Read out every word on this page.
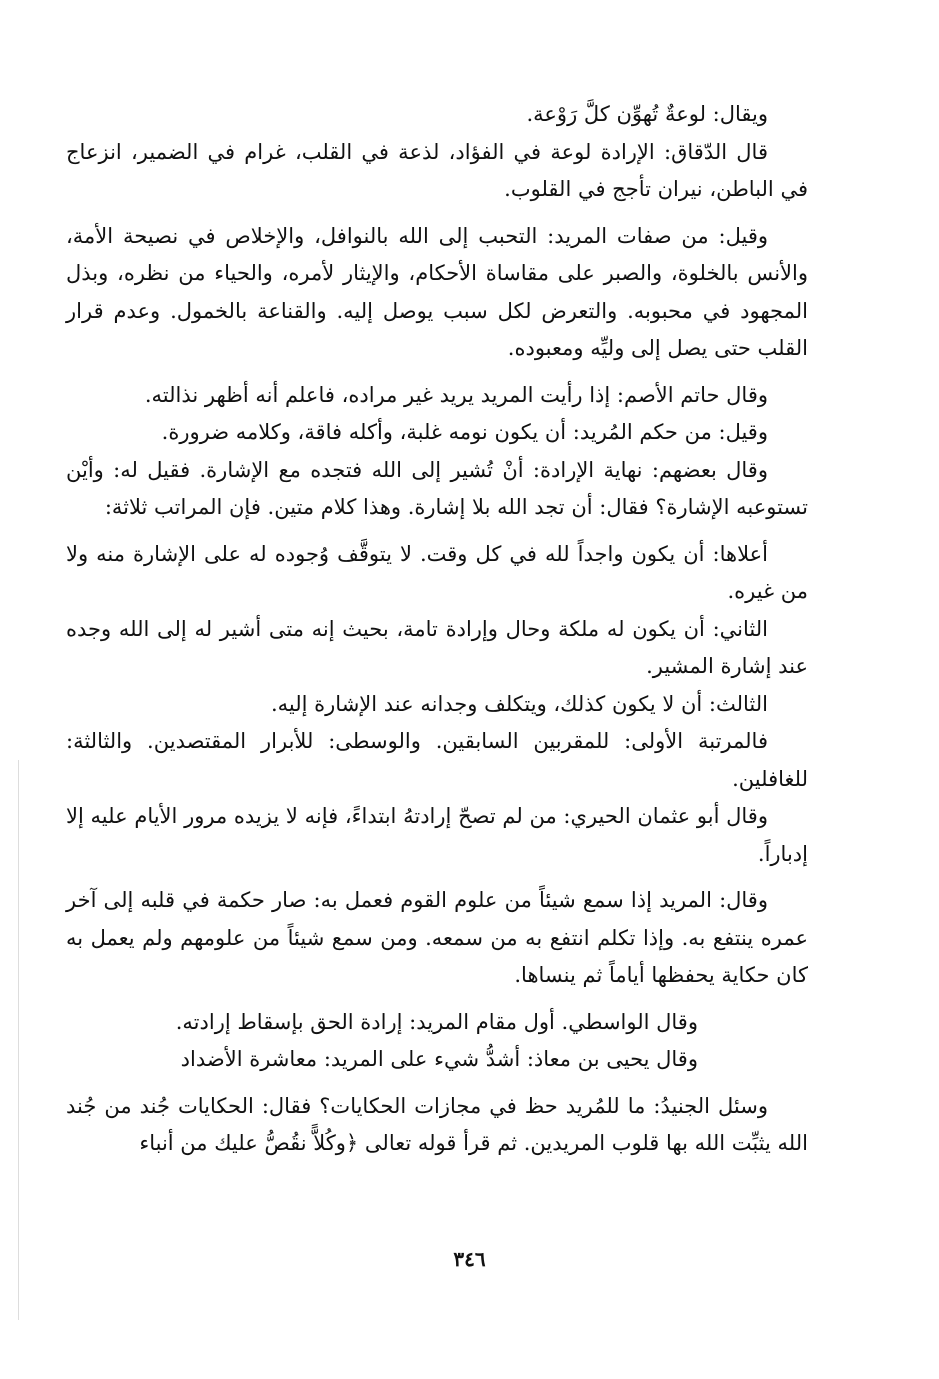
ويقال: لوعةٌ تُهوِّن كلَّ رَوْعة.

قال الدّقاق: الإرادة لوعة في الفؤاد، لذعة في القلب، غرام في الضمير، انزعاج في الباطن، نيران تأجج في القلوب.

وقيل: من صفات المريد: التحبب إلى الله بالنوافل، والإخلاص في نصيحة الأمة، والأنس بالخلوة، والصبر على مقاساة الأحكام، والإيثار لأمره، والحياء من نظره، وبذل المجهود في محبوبه. والتعرض لكل سبب يوصل إليه. والقناعة بالخمول. وعدم قرار القلب حتى يصل إلى وليِّه ومعبوده.

وقال حاتم الأصم: إذا رأيت المريد يريد غير مراده، فاعلم أنه أظهر نذالته.

وقيل: من حكم المُريد: أن يكون نومه غلبة، وأكله فاقة، وكلامه ضرورة.

وقال بعضهم: نهاية الإرادة: أنْ تُشير إلى الله فتجده مع الإشارة. فقيل له: وأيْن تستوعبه الإشارة؟ فقال: أن تجد الله بلا إشارة. وهذا كلام متين. فإن المراتب ثلاثة:

أعلاها: أن يكون واجداً لله في كل وقت. لا يتوقَّف وُجوده له على الإشارة منه ولا من غيره.

الثاني: أن يكون له ملكة وحال وإرادة تامة، بحيث إنه متى أشير له إلى الله وجده عند إشارة المشير.

الثالث: أن لا يكون كذلك، ويتكلف وجدانه عند الإشارة إليه.

فالمرتبة الأولى: للمقربين السابقين. والوسطى: للأبرار المقتصدين. والثالثة: للغافلين.

وقال أبو عثمان الحيري: من لم تصحّ إرادتهُ ابتداءً، فإنه لا يزيده مرور الأيام عليه إلا إدباراً.

وقال: المريد إذا سمع شيئاً من علوم القوم فعمل به: صار حكمة في قلبه إلى آخر عمره ينتفع به. وإذا تكلم انتفع به من سمعه. ومن سمع شيئاً من علومهم ولم يعمل به كان حكاية يحفظها أياماً ثم ينساها.

وقال الواسطي. أول مقام المريد: إرادة الحق بإسقاط إرادته.

وقال يحيى بن معاذ: أشدُّ شيء على المريد: معاشرة الأضداد

وسئل الجنيدُ: ما للمُريد حظ في مجازات الحكايات؟ فقال: الحكايات جُند من جُند الله يثبِّت الله بها قلوب المريدين. ثم قرأ قوله تعالى ﴿وكُلاًّ نقُصُّ عليك من أنباء

٣٤٦
